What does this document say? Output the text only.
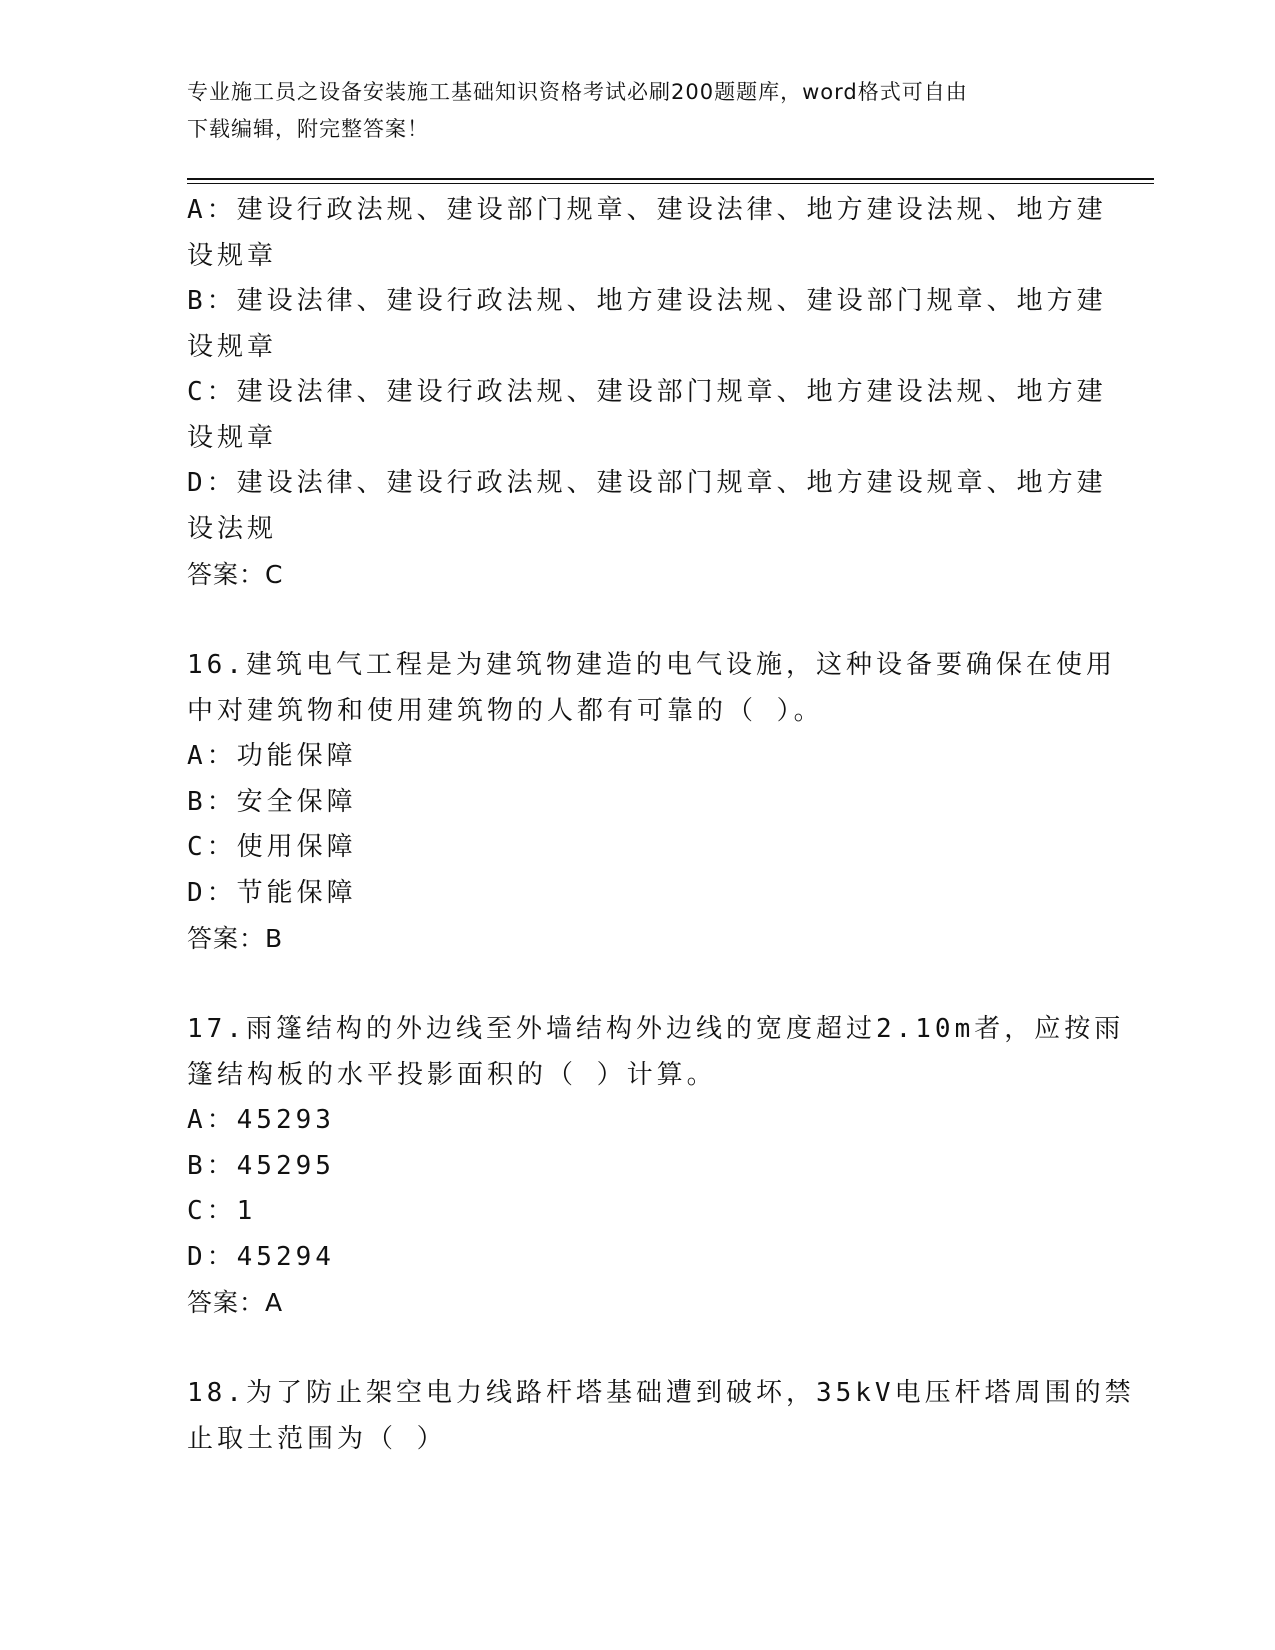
专业施工员之设备安装施工基础知识资格考试必刷200题题库，word格式可自由
下载编辑，附完整答案！
A：建设行政法规、建设部门规章、建设法律、地方建设法规、地方建
设规章
B：建设法律、建设行政法规、地方建设法规、建设部门规章、地方建
设规章
C：建设法律、建设行政法规、建设部门规章、地方建设法规、地方建
设规章
D：建设法律、建设行政法规、建设部门规章、地方建设规章、地方建
设法规
答案：C
16.建筑电气工程是为建筑物建造的电气设施，这种设备要确保在使用
中对建筑物和使用建筑物的人都有可靠的（ ）。
A：功能保障
B：安全保障
C：使用保障
D：节能保障
答案：B
17.雨篷结构的外边线至外墙结构外边线的宽度超过2.10m者，应按雨
篷结构板的水平投影面积的（ ）计算。
A：45293
B：45295
C：1
D：45294
答案：A
18.为了防止架空电力线路杆塔基础遭到破坏，35kV电压杆塔周围的禁
止取土范围为（ ）
